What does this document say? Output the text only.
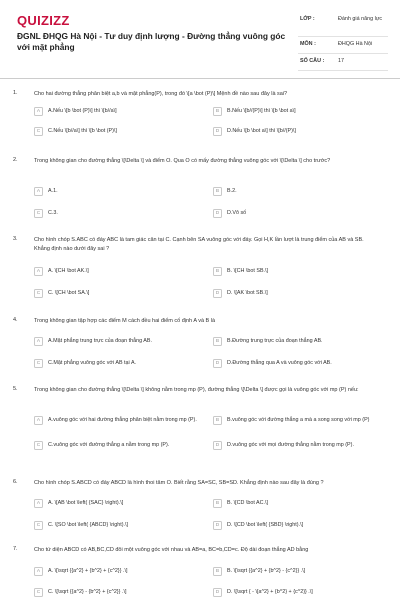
QUIZIZZ
ĐGNL ĐHQG Hà Nội - Tư duy định lượng - Đường thẳng vuông góc với mặt phẳng
LỚP :	Đánh giá năng lực
MÔN :	ĐHQG Hà Nội
SỐ CÂU :	17
1.	Cho hai đường thẳng phân biệt a,b và mặt phẳng(P), trong đó \[a \bot (P)\] Mệnh đề nào sau đây là sai?
A	A.Nếu \[b \bot (P)\] thì \[b//a\]	B	B.Nếu \[b//(P)\] thì \[b \bot a\]
C	C.Nếu \[b//a\] thì \[b \bot (P)\]	D	D.Nếu \[b \bot a\] thì \[b//(P)\]
2.	Trong không gian cho đường thẳng \[\Delta \] và điểm O. Qua O có mấy đường thẳng vuông góc với \[\Delta \] cho trước?
A	A.1.	B	B.2.
C	C.3.	D	D.Vô số
3.	Cho hình chóp S.ABC có đáy ABC là tam giác cân tại C. Cạnh bên SA vuông góc với đáy. Gọi H,K lần lượt là trung điểm của AB và SB. Khẳng định nào dưới đây sai ?
A	A. \[CH \bot AK.\]	B	B. \[CH \bot SB.\]
C	C. \[CH \bot SA.\]	D	D. \[AK \bot SB.\]
4.	Trong không gian tập hợp các điểm M cách đều hai điểm cố định A và B là
A	A.Mặt phẳng trung trực của đoạn thẳng AB.	B	B.Đường trung trực của đoạn thẳng AB.
C	C.Mặt phẳng vuông góc với AB tại A.	D	D.Đường thẳng qua A và vuông góc với AB.
5.	Trong không gian cho đường thẳng \[\Delta \] không nằm trong mp (P), đường thẳng \[\Delta \] được gọi là vuông góc với mp (P) nếu:
A	A.vuông góc với hai đường thẳng phân biệt nằm trong mp (P).	B	B.vuông góc với đường thẳng a mà a song song với mp (P)
C	C.vuông góc với đường thẳng a nằm trong mp (P).	D	D.vuông góc với mọi đường thẳng nằm trong mp (P).
6.	Cho hình chóp S.ABCD có đáy ABCD là hình thoi tâm O. Biết rằng SA=SC, SB=SD. Khẳng định nào sau đây là đúng ?
A	A. \[AB \bot \left( {SAC} \right).\]	B	B. \[CD \bot AC.\]
C	C. \[SO \bot \left( {ABCD} \right).\]	D	D. \[CD \bot \left( {SBD} \right).\]
7.	Cho tứ diện ABCD có AB,BC,CD đôi một vuông góc với nhau và AB=a, BC=b,CD=c. Độ dài đoạn thẳng AD bằng
A	A. \[\sqrt {{a^2} + {b^2} + {c^2}} .\]	B	B. \[\sqrt {{a^2} + {b^2} - {c^2}} .\]
C	C. \[\sqrt {{a^2} - {b^2} + {c^2}} .\]	D	D. \[\sqrt { - \[a^2} + {b^2} + {c^2}} .\]
